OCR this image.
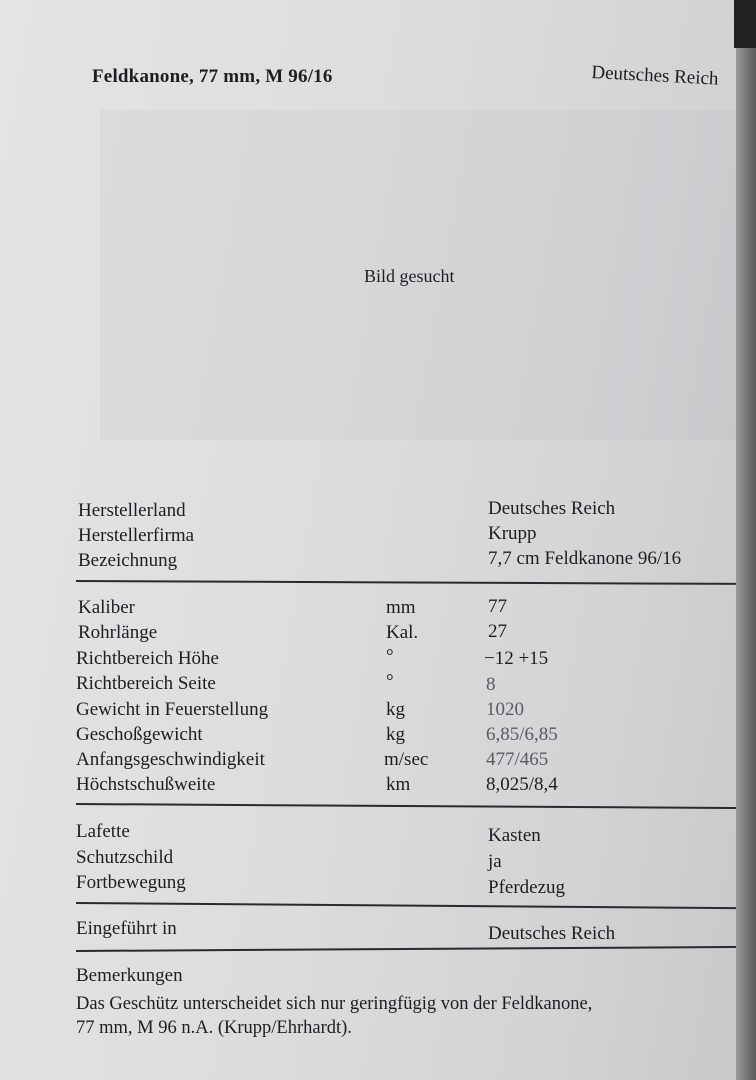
Feldkanone, 77 mm, M 96/16	Deutsches Reich
Bild gesucht
Herstellerland	Deutsches Reich
Herstellerfirma	Krupp
Bezeichnung	7,7 cm Feldkanone 96/16
Kaliber	mm	77
Rohrlänge	Kal.	27
Richtbereich Höhe	°	−12 +15
Richtbereich Seite	°	8
Gewicht in Feuerstellung	kg	1020
Geschoßgewicht	kg	6,85/6,85
Anfangsgeschwindigkeit	m/sec	477/465
Höchstschußweite	km	8,025/8,4
Lafette	Kasten
Schutzschild	ja
Fortbewegung	Pferdezug
Eingeführt in	Deutsches Reich
Bemerkungen
Das Geschütz unterscheidet sich nur geringfügig von der Feldkanone,
77 mm, M 96 n.A. (Krupp/Ehrhardt).
